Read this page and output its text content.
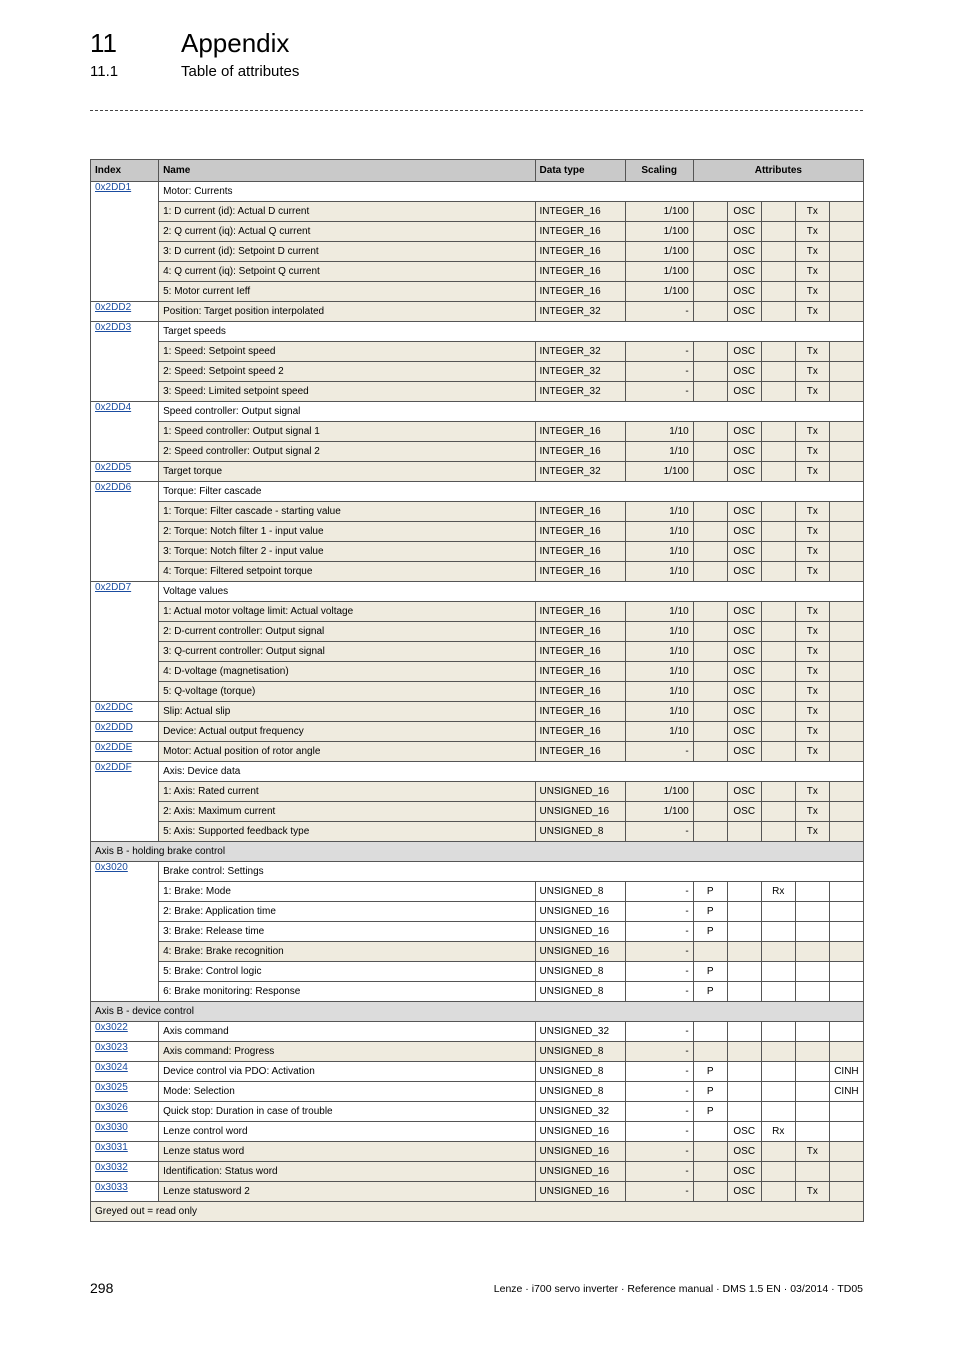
11 Appendix
11.1	Table of attributes
Index	Name	Data type	Scaling	Attributes				
0x2DD1	Motor: Currents							
	1: D current (id): Actual D current	INTEGER_16	1/100		OSC		Tx	
	2: Q current (iq): Actual Q current	INTEGER_16	1/100		OSC		Tx	
	3: D current (id): Setpoint D current	INTEGER_16	1/100		OSC		Tx	
	4: Q current (iq): Setpoint Q current	INTEGER_16	1/100		OSC		Tx	
	5: Motor current Ieff	INTEGER_16	1/100		OSC		Tx	
0x2DD2	Position: Target position interpolated	INTEGER_32	-		OSC		Tx	
0x2DD3	Target speeds							
	1: Speed: Setpoint speed	INTEGER_32	-		OSC		Tx	
	2: Speed: Setpoint speed 2	INTEGER_32	-		OSC		Tx	
	3: Speed: Limited setpoint speed	INTEGER_32	-		OSC		Tx	
0x2DD4	Speed controller: Output signal							
	1: Speed controller: Output signal 1	INTEGER_16	1/10		OSC		Tx	
	2: Speed controller: Output signal 2	INTEGER_16	1/10		OSC		Tx	
0x2DD5	Target torque	INTEGER_32	1/100		OSC		Tx	
0x2DD6	Torque: Filter cascade							
	1: Torque: Filter cascade - starting value	INTEGER_16	1/10		OSC		Tx	
	2: Torque: Notch filter 1 - input value	INTEGER_16	1/10		OSC		Tx	
	3: Torque: Notch filter 2 - input value	INTEGER_16	1/10		OSC		Tx	
	4: Torque: Filtered setpoint torque	INTEGER_16	1/10		OSC		Tx	
0x2DD7	Voltage values							
	1: Actual motor voltage limit: Actual voltage	INTEGER_16	1/10		OSC		Tx	
	2: D-current controller: Output signal	INTEGER_16	1/10		OSC		Tx	
	3: Q-current controller: Output signal	INTEGER_16	1/10		OSC		Tx	
	4: D-voltage (magnetisation)	INTEGER_16	1/10		OSC		Tx	
	5: Q-voltage (torque)	INTEGER_16	1/10		OSC		Tx	
0x2DDC	Slip: Actual slip	INTEGER_16	1/10		OSC		Tx	
0x2DDD	Device: Actual output frequency	INTEGER_16	1/10		OSC		Tx	
0x2DDE	Motor: Actual position of rotor angle	INTEGER_16	-		OSC		Tx	
0x2DDF	Axis: Device data							
	1: Axis: Rated current	UNSIGNED_16	1/100		OSC		Tx	
	2: Axis: Maximum current	UNSIGNED_16	1/100		OSC		Tx	
	5: Axis: Supported feedback type	UNSIGNED_8	-				Tx	
Axis B - holding brake control								
0x3020	Brake control: Settings							
	1: Brake: Mode	UNSIGNED_8	-	P		Rx		
	2: Brake: Application time	UNSIGNED_16	-	P				
	3: Brake: Release time	UNSIGNED_16	-	P				
	4: Brake: Brake recognition	UNSIGNED_16	-					
	5: Brake: Control logic	UNSIGNED_8	-	P				
	6: Brake monitoring: Response	UNSIGNED_8	-	P				
Axis B - device control								
0x3022	Axis command	UNSIGNED_32	-					
0x3023	Axis command: Progress	UNSIGNED_8	-					
0x3024	Device control via PDO: Activation	UNSIGNED_8	-	P				CINH
0x3025	Mode: Selection	UNSIGNED_8	-	P				CINH
0x3026	Quick stop: Duration in case of trouble	UNSIGNED_32	-	P				
0x3030	Lenze control word	UNSIGNED_16	-		OSC	Rx		
0x3031	Lenze status word	UNSIGNED_16	-		OSC		Tx	
0x3032	Identification: Status word	UNSIGNED_16	-		OSC			
0x3033	Lenze statusword 2	UNSIGNED_16	-		OSC		Tx	
Greyed out = read only								
298	Lenze · i700 servo inverter · Reference manual · DMS 1.5 EN · 03/2014 · TD05
